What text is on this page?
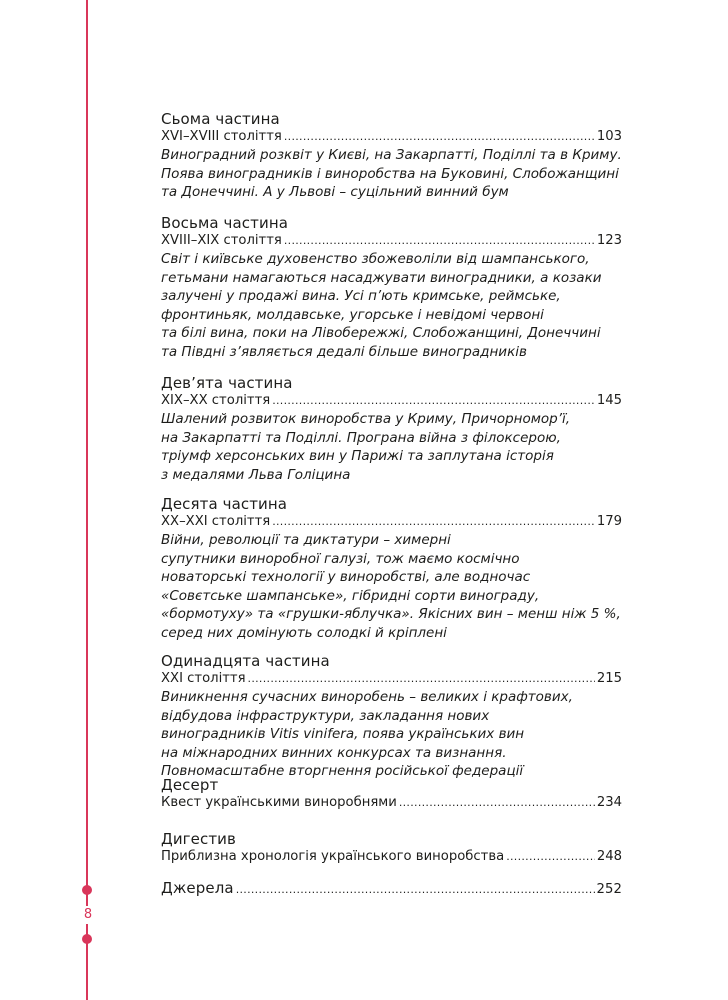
8
Сьома частина
XVI–XVIII століття .....	103
Виноградний розквіт у Києві, на Закарпатті, Поділлі та в Криму.
Поява виноградників і виноробства на Буковині, Слобожанщині
та Донеччині. А у Львові – суцільний винний бум
Восьма частина
XVIII–XIX століття .....	123
Світ і київське духовенство збожеволіли від шампанського,
гетьмани намагаються насаджувати виноградники, а козаки
залучені у продажі вина. Усі п’ють кримське, реймське,
фронтиньяк, молдавське, угорське і невідомі червоні
та білі вина, поки на Лівобережжі, Слобожанщині, Донеччині
та Півдні з’являється дедалі більше виноградників
Дев’ята частина
XIX–XX століття .....	145
Шалений розвиток виноробства у Криму, Причорномор’ї,
на Закарпатті та Поділлі. Програна війна з філоксерою,
тріумф херсонських вин у Парижі та заплутана історія
з медалями Льва Голіцина
Десята частина
XX–XXI століття .....	179
Війни, революції та диктатури – химерні
супутники виноробної галузі, тож маємо космічно
новаторські технології у виноробстві, але водночас
«Совєтське шампанське», гібридні сорти винограду,
«бормотуху» та «грушки-яблучка». Якісних вин – менш ніж 5 %,
серед них домінують солодкі й кріплені
Одинадцята частина
XXI століття .....	215
Виникнення сучасних виноробень – великих і крафтових,
відбудова інфраструктури, закладання нових
виноградників Vitis vinifera, поява українських вин
на міжнародних винних конкурсах та визнання.
Повномасштабне вторгнення російської федерації
Десерт
Квест українськими виноробнями .....	234
Дигестив
Приблизна хронологія українського виноробства .....	248
Джерела .....	252
